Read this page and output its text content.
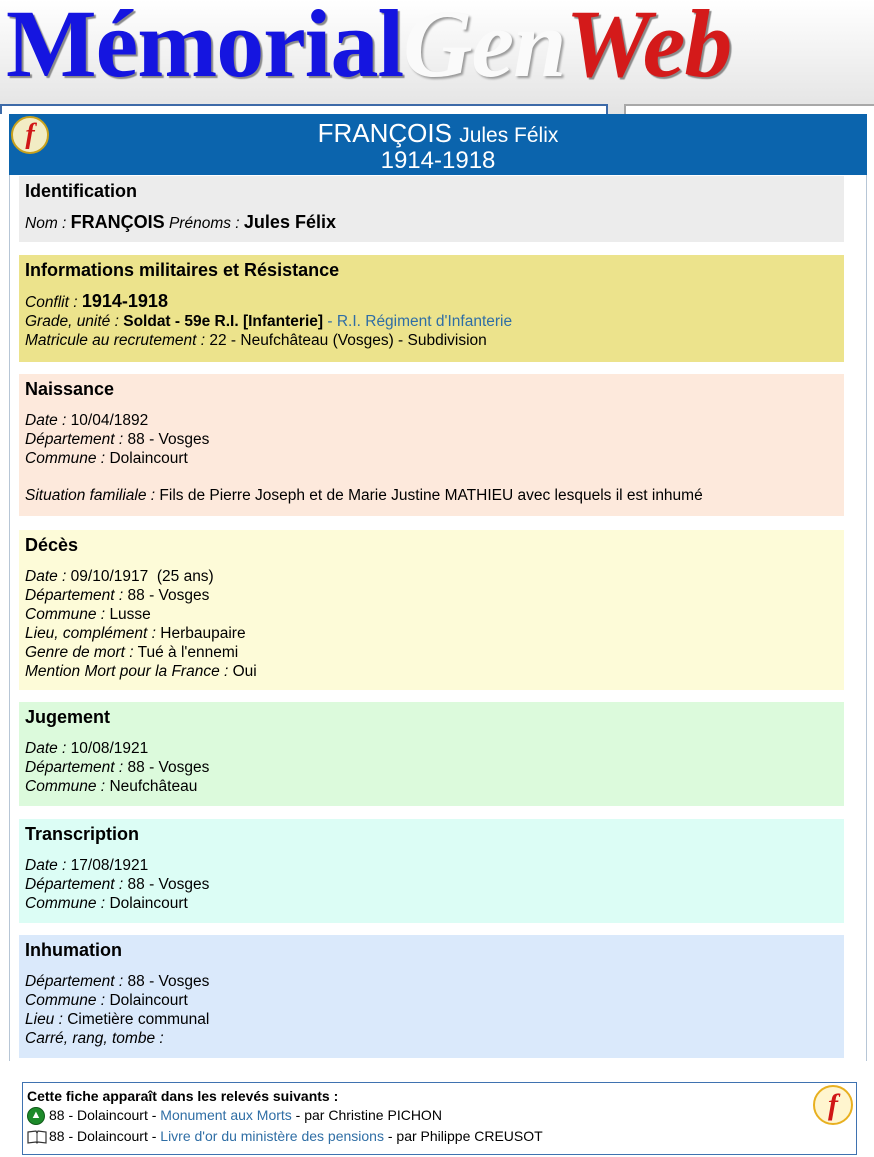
MémorialGenWeb
FRANÇOIS Jules Félix
1914-1918
f
Identification
Nom : FRANÇOIS Prénoms : Jules Félix
Informations militaires et Résistance
Conflit : 1914-1918
Grade, unité : Soldat - 59e R.I. [Infanterie] - R.I. Régiment d'Infanterie
Matricule au recrutement : 22 - Neufchâteau (Vosges) - Subdivision
Naissance
Date : 10/04/1892
Département : 88 - Vosges
Commune : Dolaincourt
Situation familiale : Fils de Pierre Joseph et de Marie Justine MATHIEU avec lesquels il est inhumé
Décès
Date : 09/10/1917  (25 ans)
Département : 88 - Vosges
Commune : Lusse
Lieu, complément : Herbaupaire
Genre de mort : Tué à l'ennemi
Mention Mort pour la France : Oui
Jugement
Date : 10/08/1921
Département : 88 - Vosges
Commune : Neufchâteau
Transcription
Date : 17/08/1921
Département : 88 - Vosges
Commune : Dolaincourt
Inhumation
Département : 88 - Vosges
Commune : Dolaincourt
Lieu : Cimetière communal
Carré, rang, tombe :
Cette fiche apparaît dans les relevés suivants :
▲ 88 - Dolaincourt -
Monument aux Morts
- par Christine PICHON
88 - Dolaincourt -
Livre d'or du ministère des pensions
- par Philippe CREUSOT
f
